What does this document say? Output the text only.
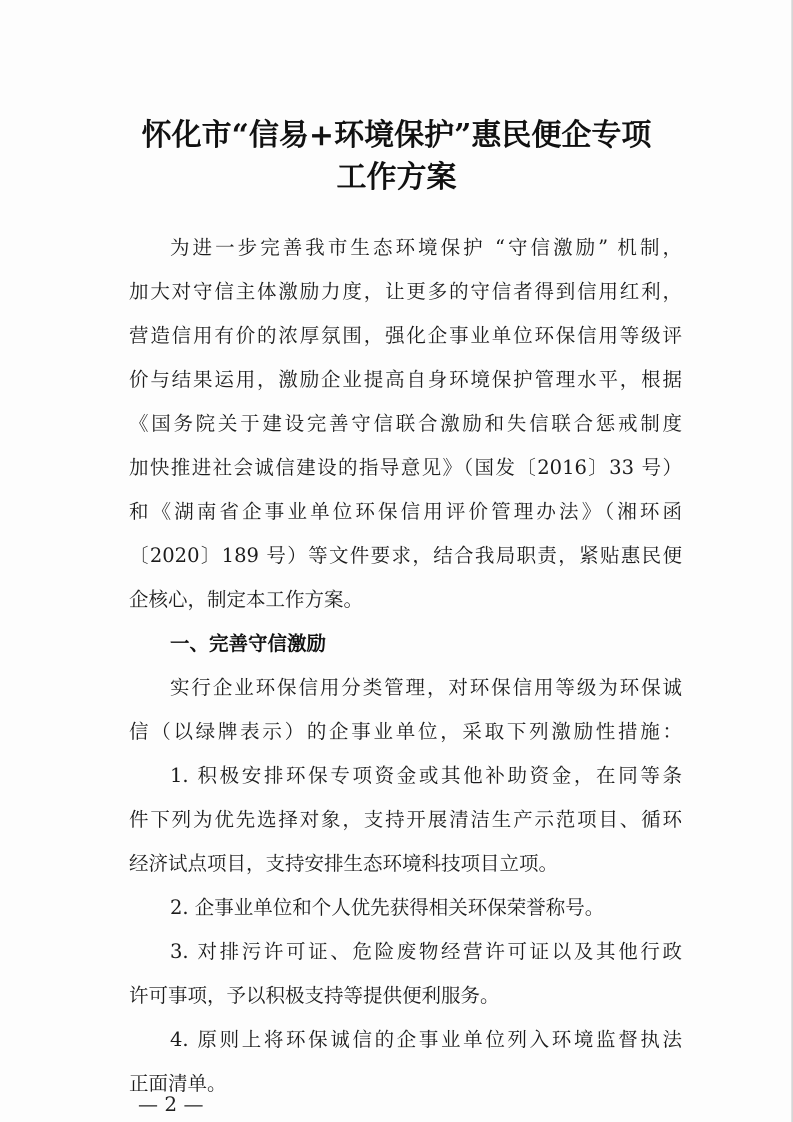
怀化市“信易+环境保护”惠民便企专项
工作方案
为进一步完善我市生态环境保护 “守信激励” 机制，
加大对守信主体激励力度，让更多的守信者得到信用红利，
营造信用有价的浓厚氛围，强化企事业单位环保信用等级评
价与结果运用，激励企业提高自身环境保护管理水平，根据
《国务院关于建设完善守信联合激励和失信联合惩戒制度
加快推进社会诚信建设的指导意见》（国发〔2016〕33 号）
和《湖南省企事业单位环保信用评价管理办法》（湘环函
〔2020〕189 号）等文件要求，结合我局职责，紧贴惠民便
企核心，制定本工作方案。
一、完善守信激励
实行企业环保信用分类管理，对环保信用等级为环保诚
信（以绿牌表示）的企事业单位，采取下列激励性措施：
1. 积极安排环保专项资金或其他补助资金，在同等条
件下列为优先选择对象，支持开展清洁生产示范项目、循环
经济试点项目，支持安排生态环境科技项目立项。
2. 企事业单位和个人优先获得相关环保荣誉称号。
3. 对排污许可证、危险废物经营许可证以及其他行政
许可事项，予以积极支持等提供便利服务。
4. 原则上将环保诚信的企事业单位列入环境监督执法
正面清单。
— 2 —
